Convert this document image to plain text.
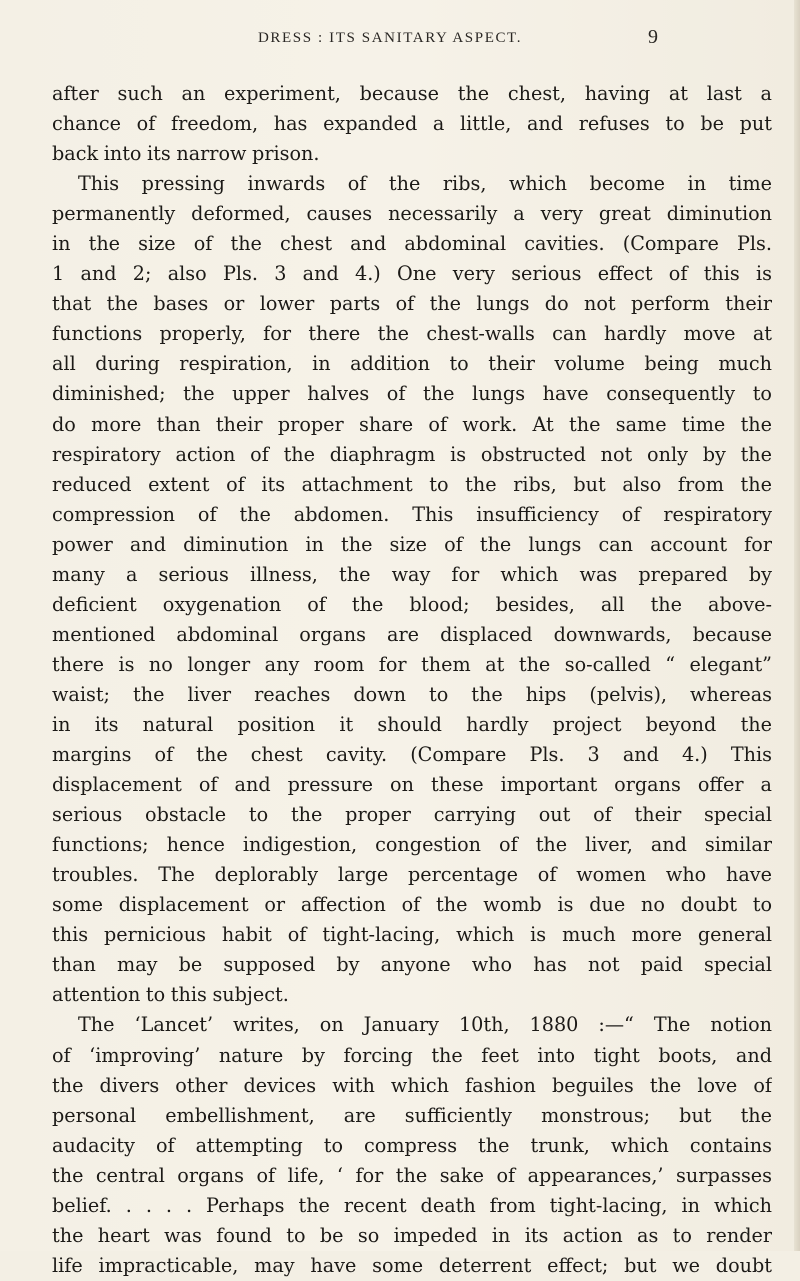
DRESS : ITS SANITARY ASPECT.	9
after such an experiment, because the chest, having at last a
chance of freedom, has expanded a little, and refuses to be put
back into its narrow prison.
This pressing inwards of the ribs, which become in time
permanently deformed, causes necessarily a very great diminution
in the size of the chest and abdominal cavities. (Compare Pls.
1 and 2; also Pls. 3 and 4.) One very serious effect of this is
that the bases or lower parts of the lungs do not perform their
functions properly, for there the chest-walls can hardly move at
all during respiration, in addition to their volume being much
diminished; the upper halves of the lungs have consequently to
do more than their proper share of work. At the same time the
respiratory action of the diaphragm is obstructed not only by the
reduced extent of its attachment to the ribs, but also from the
compression of the abdomen. This insufficiency of respiratory
power and diminution in the size of the lungs can account for
many a serious illness, the way for which was prepared by
deficient oxygenation of the blood; besides, all the above-
mentioned abdominal organs are displaced downwards, because
there is no longer any room for them at the so-called “ elegant”
waist; the liver reaches down to the hips (pelvis), whereas
in its natural position it should hardly project beyond the
margins of the chest cavity. (Compare Pls. 3 and 4.) This
displacement of and pressure on these important organs offer a
serious obstacle to the proper carrying out of their special
functions; hence indigestion, congestion of the liver, and similar
troubles. The deplorably large percentage of women who have
some displacement or affection of the womb is due no doubt to
this pernicious habit of tight-lacing, which is much more general
than may be supposed by anyone who has not paid special
attention to this subject.
The ‘Lancet’ writes, on January 10th, 1880 :—“ The notion
of ‘improving’ nature by forcing the feet into tight boots, and
the divers other devices with which fashion beguiles the love of
personal embellishment, are sufficiently monstrous; but the
audacity of attempting to compress the trunk, which contains
the central organs of life, ‘ for the sake of appearances,’ surpasses
belief. . . . . Perhaps the recent death from tight-lacing, in which
the heart was found to be so impeded in its action as to render
life impracticable, may have some deterrent effect; but we doubt
